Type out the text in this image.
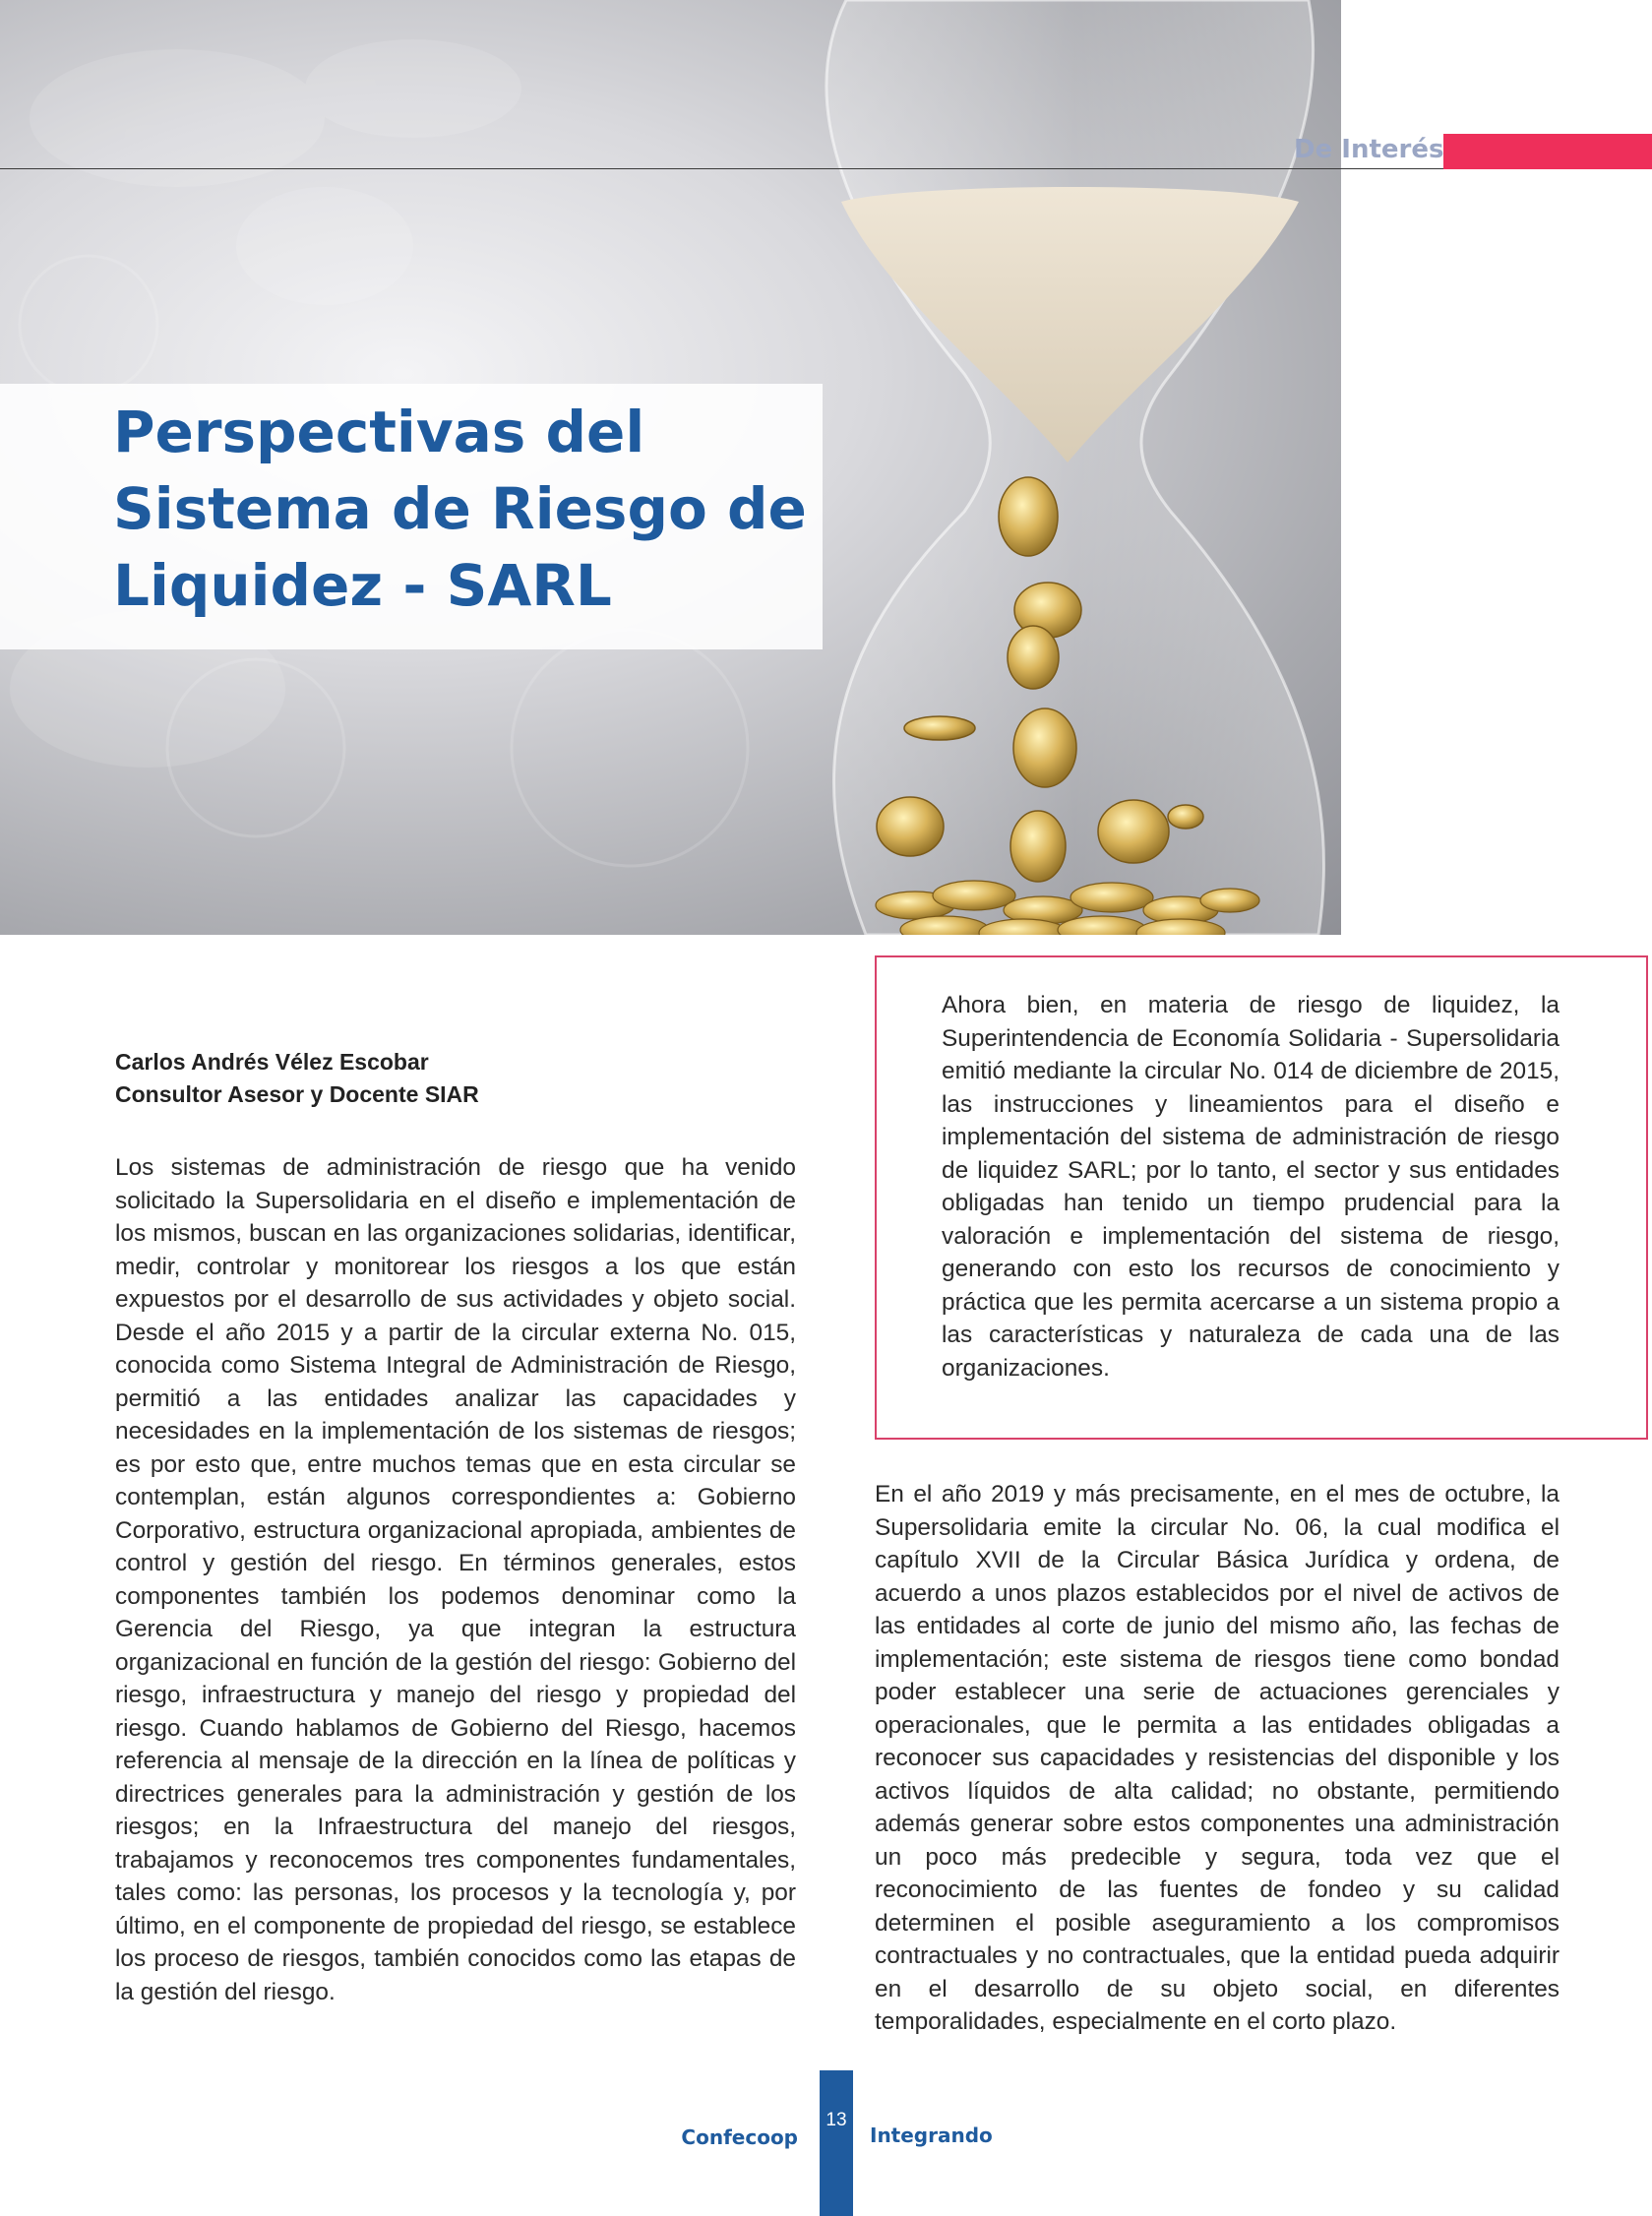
De Interés
Perspectivas del Sistema de Riesgo de Liquidez - SARL
Carlos Andrés Vélez Escobar
Consultor Asesor y Docente SIAR

Los sistemas de administración de riesgo que ha venido solicitado la Supersolidaria en el diseño e implementación de los mismos, buscan en las organizaciones solidarias, identificar, medir, controlar y monitorear los riesgos a los que están expuestos por el desarrollo de sus actividades y objeto social. Desde el año 2015 y a partir de la circular externa No. 015, conocida como Sistema Integral de Administración de Riesgo, permitió a las entidades analizar las capacidades y necesidades en la implementación de los sistemas de riesgos; es por esto que, entre muchos temas que en esta circular se contemplan, están algunos correspondientes a: Gobierno Corporativo, estructura organizacional apropiada, ambientes de control y gestión del riesgo. En términos generales, estos componentes también los podemos denominar como la Gerencia del Riesgo, ya que integran la estructura organizacional en función de la gestión del riesgo: Gobierno del riesgo, infraestructura y manejo del riesgo y propiedad del riesgo. Cuando hablamos de Gobierno del Riesgo, hacemos referencia al mensaje de la dirección en la línea de políticas y directrices generales para la administración y gestión de los riesgos; en la Infraestructura del manejo del riesgos, trabajamos y reconocemos tres componentes fundamentales, tales como: las personas, los procesos y la tecnología y, por último, en el componente de propiedad del riesgo, se establece los proceso de riesgos, también conocidos como las etapas de la gestión del riesgo.

Ahora bien, en materia de riesgo de liquidez, la Superintendencia de Economía Solidaria - Supersolidaria emitió mediante la circular No. 014 de diciembre de 2015, las instrucciones y lineamientos para el diseño e implementación del sistema de administración de riesgo de liquidez SARL; por lo tanto, el sector y sus entidades obligadas han tenido un tiempo prudencial para la valoración e implementación del sistema de riesgo, generando con esto los recursos de conocimiento y práctica que les permita acercarse a un sistema propio a las características y naturaleza de cada una de las organizaciones.

En el año 2019 y más precisamente, en el mes de octubre, la Supersolidaria emite la circular No. 06, la cual modifica el capítulo XVII de la Circular Básica Jurídica y ordena, de acuerdo a unos plazos establecidos por el nivel de activos de las entidades al corte de junio del mismo año, las fechas de implementación; este sistema de riesgos tiene como bondad poder establecer una serie de actuaciones gerenciales y operacionales, que le permita a las entidades obligadas a reconocer sus capacidades y resistencias del disponible y los activos líquidos de alta calidad; no obstante, permitiendo además generar sobre estos componentes una administración un poco más predecible y segura, toda vez que el reconocimiento de las fuentes de fondeo y su calidad determinen el posible aseguramiento a los compromisos contractuales y no contractuales, que la entidad pueda adquirir en el desarrollo de su objeto social, en diferentes temporalidades, especialmente en el corto plazo.

Confecoop
13
Integrando
